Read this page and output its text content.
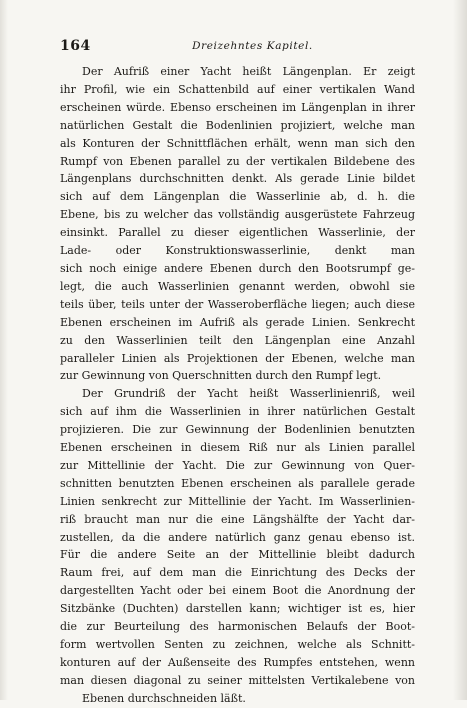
164	Dreizehntes Kapitel.
Der Aufriß einer Yacht heißt Längenplan. Er zeigt
ihr Profil, wie ein Schattenbild auf einer vertikalen Wand
erscheinen würde. Ebenso erscheinen im Längenplan in ihrer
natürlichen Gestalt die Bodenlinien projiziert, welche man
als Konturen der Schnittflächen erhält, wenn man sich den
Rumpf von Ebenen parallel zu der vertikalen Bildebene des
Längenplans durchschnitten denkt. Als gerade Linie bildet
sich auf dem Längenplan die Wasserlinie ab, d. h. die
Ebene, bis zu welcher das vollständig ausgerüstete Fahrzeug
einsinkt. Parallel zu dieser eigentlichen Wasserlinie, der
Lade- oder Konstruktionswasserlinie, denkt man
sich noch einige andere Ebenen durch den Bootsrumpf ge-
legt, die auch Wasserlinien genannt werden, obwohl sie
teils über, teils unter der Wasseroberfläche liegen; auch diese
Ebenen erscheinen im Aufriß als gerade Linien. Senkrecht
zu den Wasserlinien teilt den Längenplan eine Anzahl
paralleler Linien als Projektionen der Ebenen, welche man
zur Gewinnung von Querschnitten durch den Rumpf legt.
Der Grundriß der Yacht heißt Wasserlinienriß, weil
sich auf ihm die Wasserlinien in ihrer natürlichen Gestalt
projizieren. Die zur Gewinnung der Bodenlinien benutzten
Ebenen erscheinen in diesem Riß nur als Linien parallel
zur Mittellinie der Yacht. Die zur Gewinnung von Quer-
schnitten benutzten Ebenen erscheinen als parallele gerade
Linien senkrecht zur Mittellinie der Yacht. Im Wasserlinien-
riß braucht man nur die eine Längshälfte der Yacht dar-
zustellen, da die andere natürlich ganz genau ebenso ist.
Für die andere Seite an der Mittellinie bleibt dadurch
Raum frei, auf dem man die Einrichtung des Decks der
dargestellten Yacht oder bei einem Boot die Anordnung der
Sitzbänke (Duchten) darstellen kann; wichtiger ist es, hier
die zur Beurteilung des harmonischen Belaufs der Boot-
form wertvollen Senten zu zeichnen, welche als Schnitt-
konturen auf der Außenseite des Rumpfes entstehen, wenn
man diesen diagonal zu seiner mittelsten Vertikalebene von
Ebenen durchschneiden läßt.
